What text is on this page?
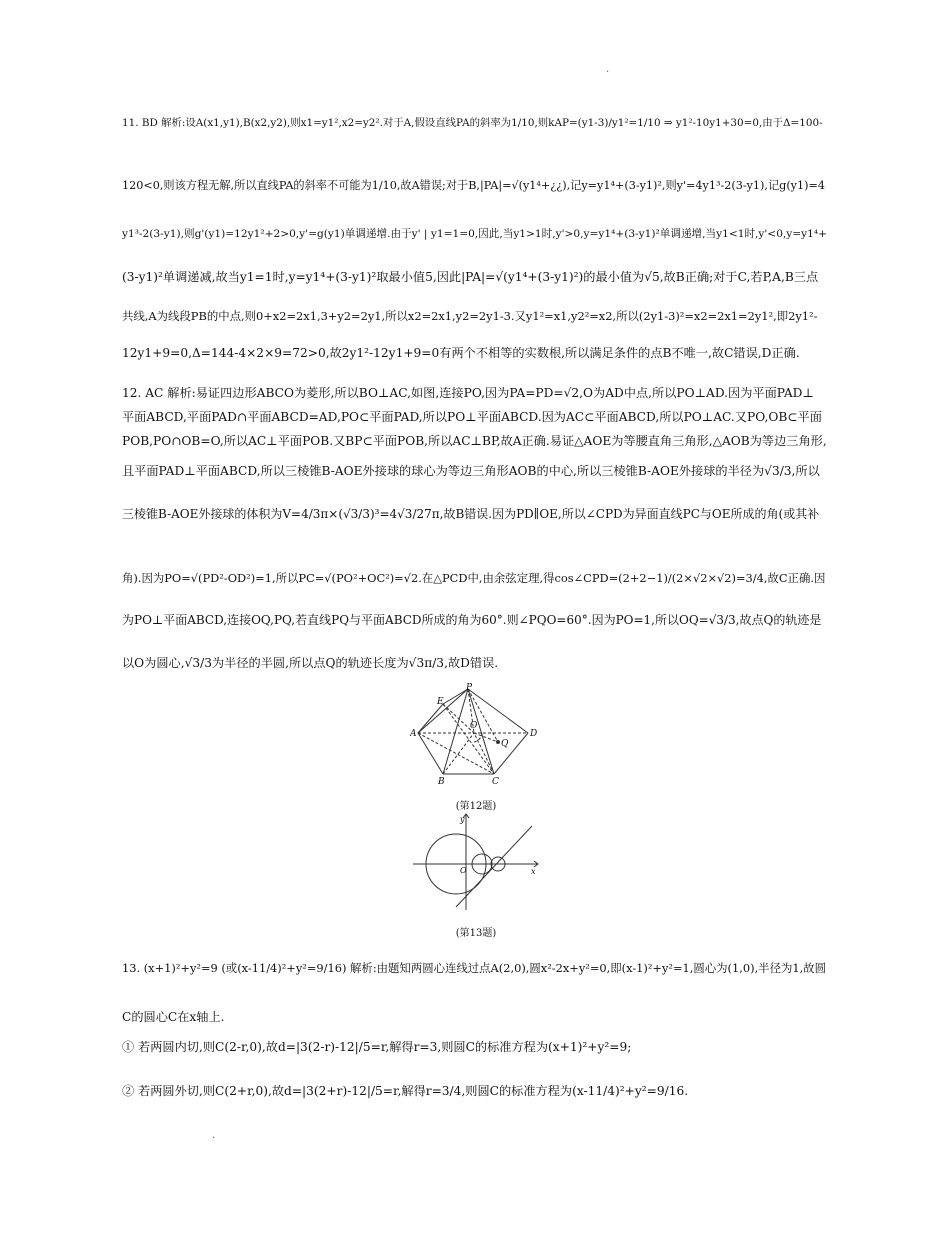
.
11. BD 解析:设A(x1,y1),B(x2,y2),则x1=y1²,x2=y2².对于A,假设直线PA的斜率为1/10,则kAP=(y1-3)/y1²=1/10 ⇒ y1²-10y1+30=0,由于Δ=100-
120<0,则该方程无解,所以直线PA的斜率不可能为1/10,故A错误;对于B,|PA|=√(y1⁴+¿¿),记y=y1⁴+(3-y1)²,则y'=4y1³-2(3-y1),记g(y1)=4
y1³-2(3-y1),则g'(y1)=12y1²+2>0,y'=g(y1)单调递增.由于y' | y1=1=0,因此,当y1>1时,y'>0,y=y1⁴+(3-y1)²单调递增,当y1<1时,y'<0,y=y1⁴+
(3-y1)²单调递减,故当y1=1时,y=y1⁴+(3-y1)²取最小值5,因此|PA|=√(y1⁴+(3-y1)²)的最小值为√5,故B正确;对于C,若P,A,B三点
共线,A为线段PB的中点,则0+x2=2x1,3+y2=2y1,所以x2=2x1,y2=2y1-3.又y1²=x1,y2²=x2,所以(2y1-3)²=x2=2x1=2y1²,即2y1²-
12y1+9=0,Δ=144-4×2×9=72>0,故2y1²-12y1+9=0有两个不相等的实数根,所以满足条件的点B不唯一,故C错误,D正确.
12. AC 解析:易证四边形ABCO为菱形,所以BO⊥AC,如图,连接PO,因为PA=PD=√2,O为AD中点,所以PO⊥AD.因为平面PAD⊥
平面ABCD,平面PAD∩平面ABCD=AD,PO⊂平面PAD,所以PO⊥平面ABCD.因为AC⊂平面ABCD,所以PO⊥AC.又PO,OB⊂平面
POB,PO∩OB=O,所以AC⊥平面POB.又BP⊂平面POB,所以AC⊥BP,故A正确.易证△AOE为等腰直角三角形,△AOB为等边三角形,
且平面PAD⊥平面ABCD,所以三棱锥B-AOE外接球的球心为等边三角形AOB的中心,所以三棱锥B-AOE外接球的半径为√3/3,所以
三棱锥B-AOE外接球的体积为V=4/3π×(√3/3)³=4√3/27π,故B错误.因为PD∥OE,所以∠CPD为异面直线PC与OE所成的角(或其补
角).因为PO=√(PD²-OD²)=1,所以PC=√(PO²+OC²)=√2.在△PCD中,由余弦定理,得cos∠CPD=(2+2−1)/(2×√2×√2)=3/4,故C正确.因
为PO⊥平面ABCD,连接OQ,PQ,若直线PQ与平面ABCD所成的角为60°.则∠PQO=60°.因为PO=1,所以OQ=√3/3,故点Q的轨迹是
以O为圆心,√3/3为半径的半圆,所以点Q的轨迹长度为√3π/3,故D错误.
P
E
O
A	D
Q
B	C
(第12题)
y
x
O
(第13题)
13. (x+1)²+y²=9 (或(x-11/4)²+y²=9/16) 解析:由题知两圆心连线过点A(2,0),圆x²-2x+y²=0,即(x-1)²+y²=1,圆心为(1,0),半径为1,故圆
C的圆心C在x轴上.
① 若两圆内切,则C(2-r,0),故d=|3(2-r)-12|/5=r,解得r=3,则圆C的标准方程为(x+1)²+y²=9;
② 若两圆外切,则C(2+r,0),故d=|3(2+r)-12|/5=r,解得r=3/4,则圆C的标准方程为(x-11/4)²+y²=9/16.
.
